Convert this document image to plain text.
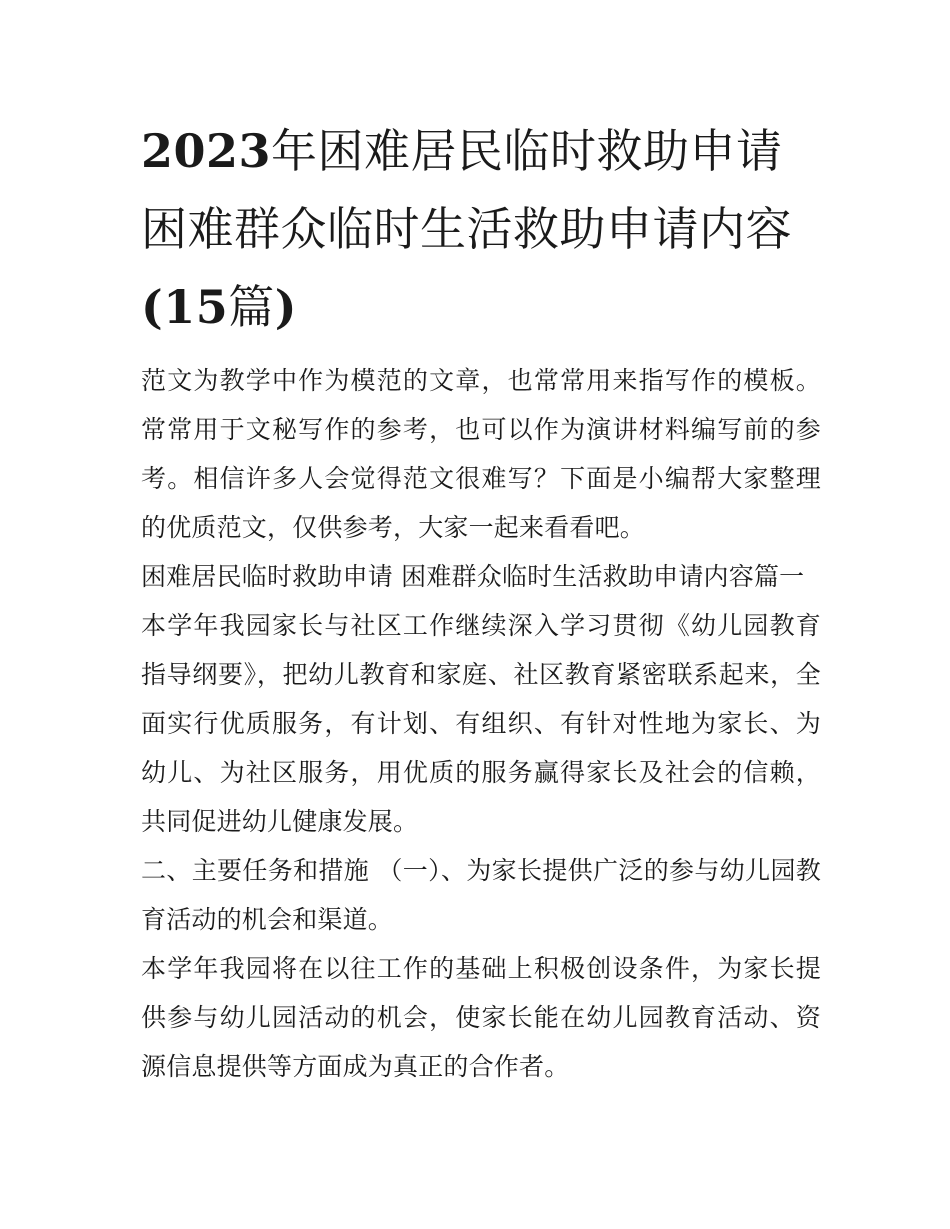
2023年困难居民临时救助申请困难群众临时生活救助申请内容(15篇)

范文为教学中作为模范的文章，也常常用来指写作的模板。常常用于文秘写作的参考，也可以作为演讲材料编写前的参考。相信许多人会觉得范文很难写？下面是小编帮大家整理的优质范文，仅供参考，大家一起来看看吧。

困难居民临时救助申请 困难群众临时生活救助申请内容篇一

本学年我园家长与社区工作继续深入学习贯彻《幼儿园教育指导纲要》，把幼儿教育和家庭、社区教育紧密联系起来，全面实行优质服务，有计划、有组织、有针对性地为家长、为幼儿、为社区服务，用优质的服务赢得家长及社会的信赖，共同促进幼儿健康发展。

二、主要任务和措施 （一）、为家长提供广泛的参与幼儿园教育活动的机会和渠道。

本学年我园将在以往工作的基础上积极创设条件，为家长提供参与幼儿园活动的机会，使家长能在幼儿园教育活动、资源信息提供等方面成为真正的合作者。
